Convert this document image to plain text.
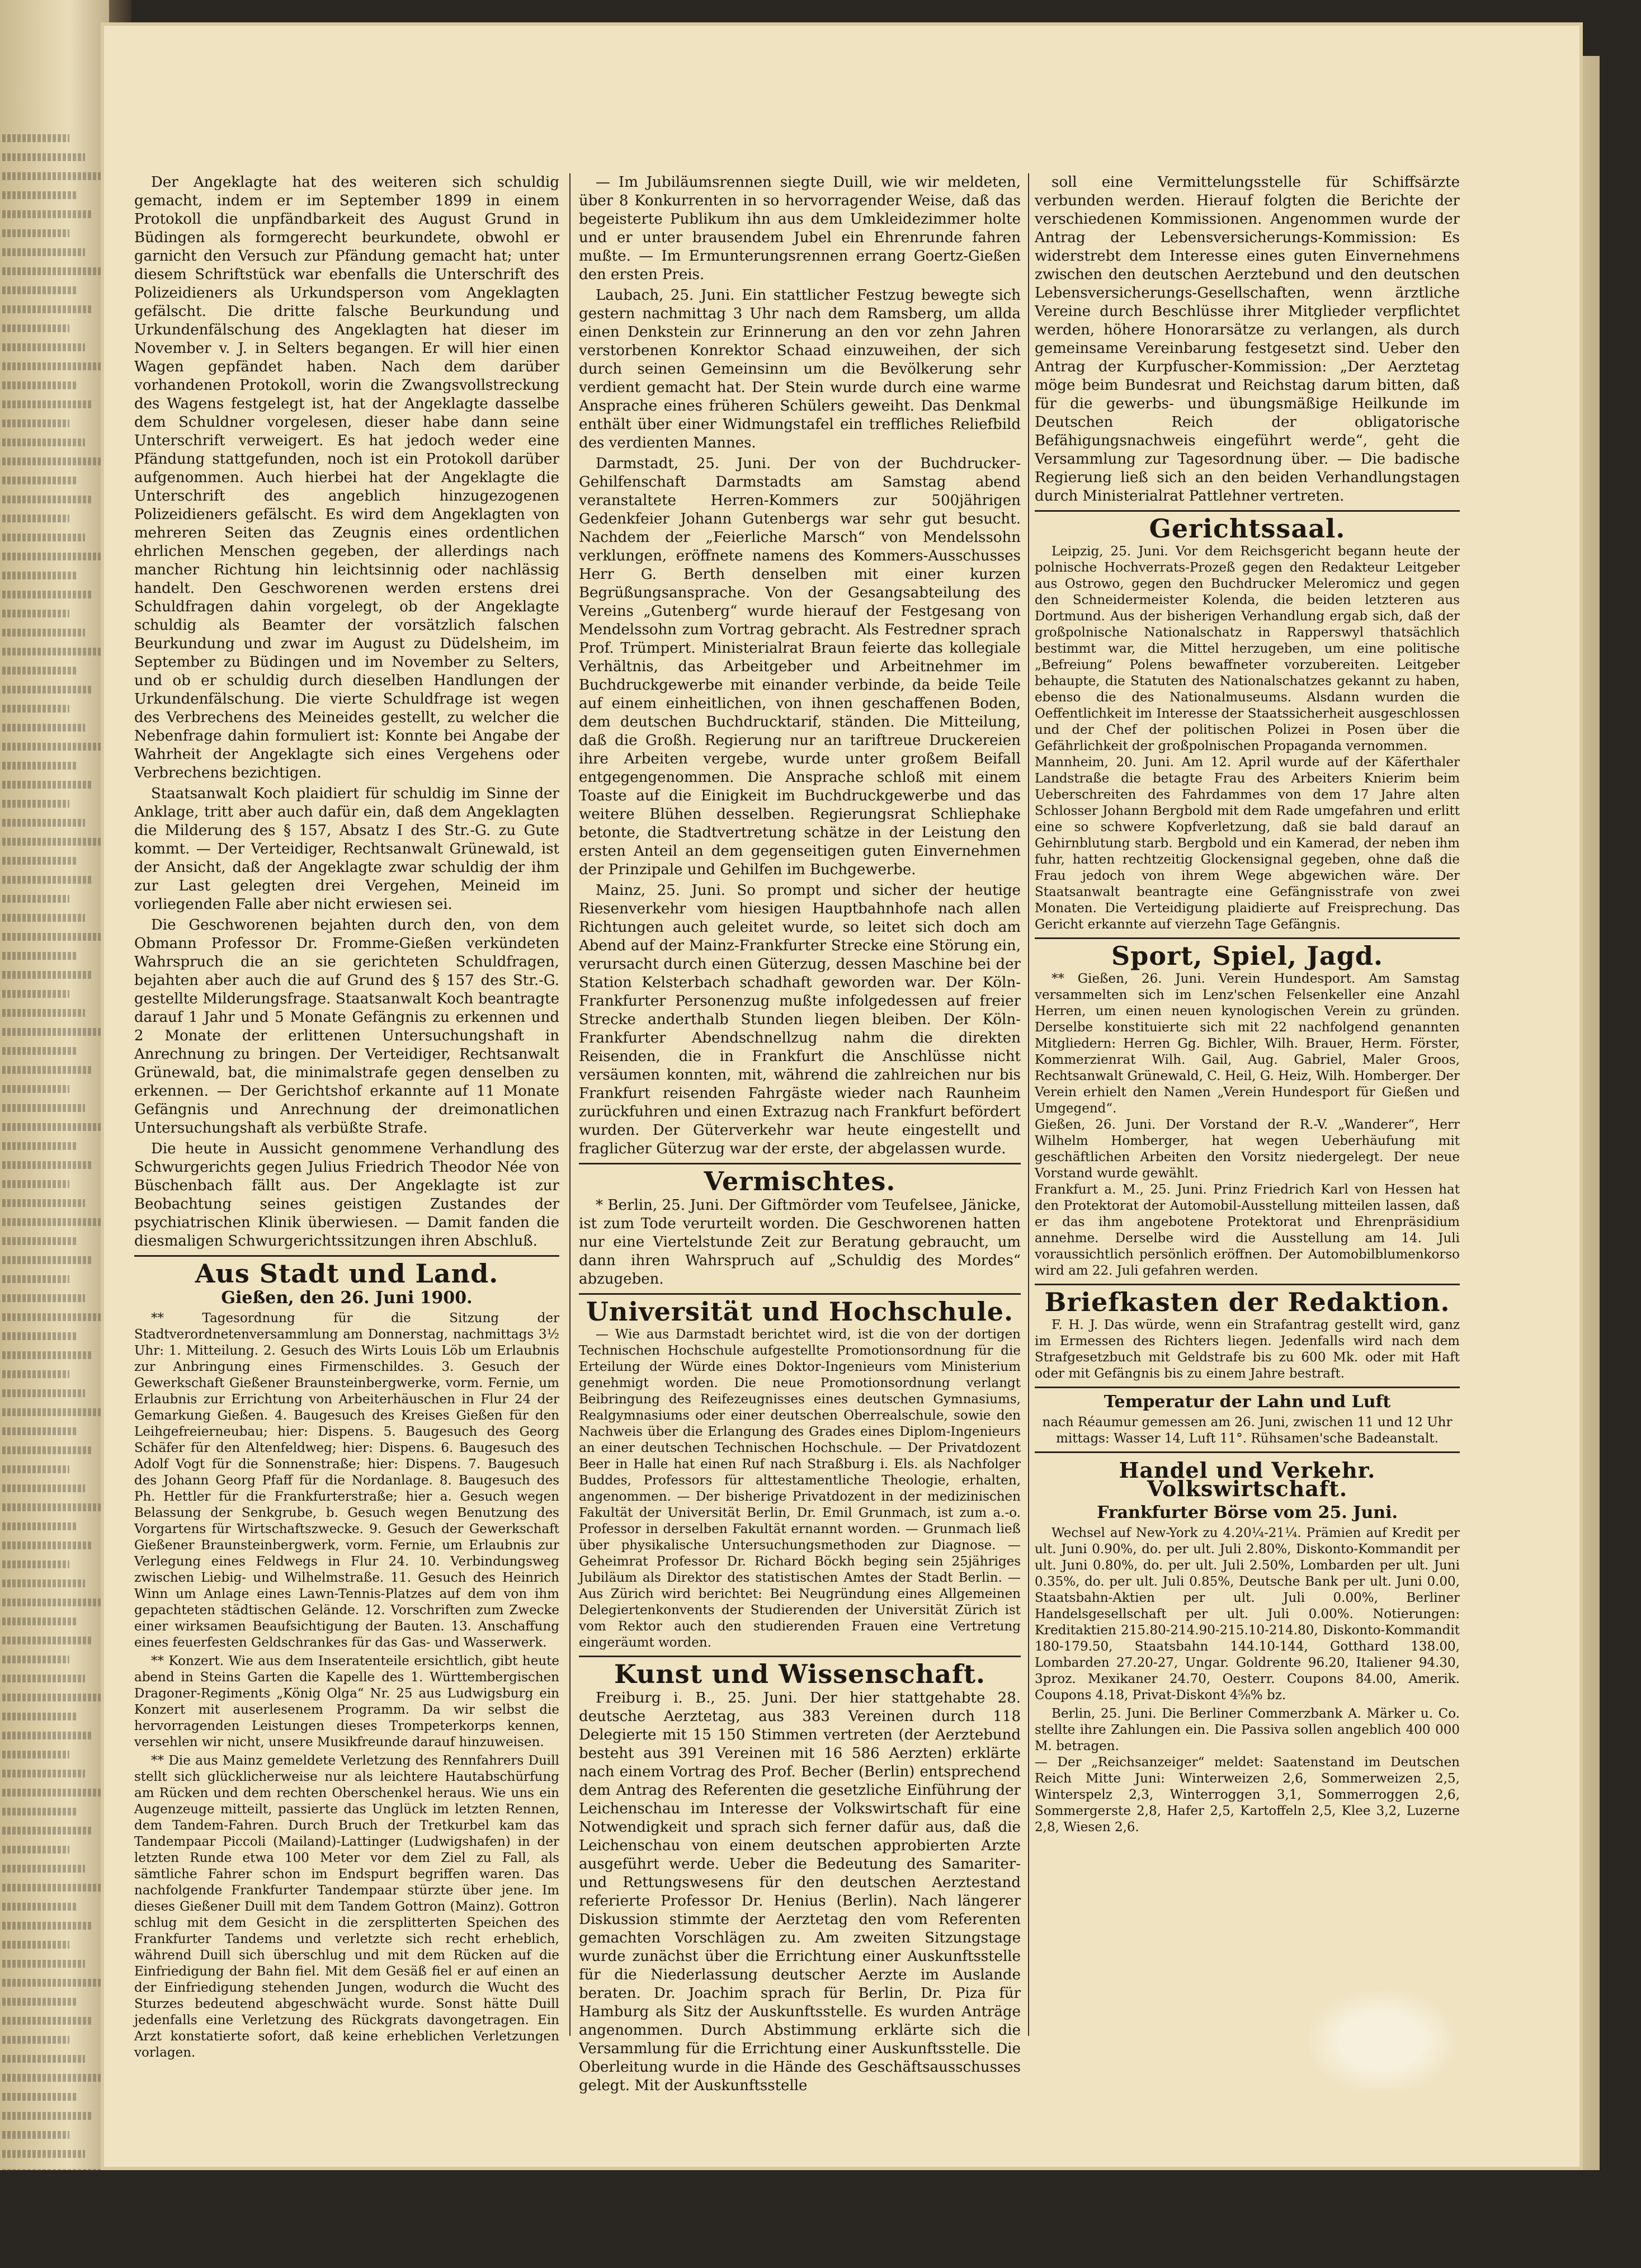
Der Angeklagte hat des weiteren sich schuldig gemacht, indem er im September 1899 in einem Protokoll die unpfändbarkeit des August Grund in Büdingen als formgerecht beurkundete, obwohl er garnicht den Versuch zur Pfändung gemacht hat; unter diesem Schriftstück war ebenfalls die Unterschrift des Polizeidieners als Urkundsperson vom Angeklagten gefälscht. Die dritte falsche Beurkundung und Urkundenfälschung des Angeklagten hat dieser im November v. J. in Selters begangen. Er will hier einen Wagen gepfändet haben. Nach dem darüber vorhandenen Protokoll, worin die Zwangsvollstreckung des Wagens festgelegt ist, hat der Angeklagte dasselbe dem Schuldner vorgelesen, dieser habe dann seine Unterschrift verweigert. Es hat jedoch weder eine Pfändung stattgefunden, noch ist ein Protokoll darüber aufgenommen. Auch hierbei hat der Angeklagte die Unterschrift des angeblich hinzugezogenen Polizeidieners gefälscht. Es wird dem Angeklagten von mehreren Seiten das Zeugnis eines ordentlichen ehrlichen Menschen gegeben, der allerdings nach mancher Richtung hin leichtsinnig oder nachlässig handelt. Den Geschworenen werden erstens drei Schuldfragen dahin vorgelegt, ob der Angeklagte schuldig als Beamter der vorsätzlich falschen Beurkundung und zwar im August zu Düdelsheim, im September zu Büdingen und im November zu Selters, und ob er schuldig durch dieselben Handlungen der Urkundenfälschung. Die vierte Schuldfrage ist wegen des Verbrechens des Meineides gestellt, zu welcher die Nebenfrage dahin formuliert ist: Konnte bei Angabe der Wahrheit der Angeklagte sich eines Vergehens oder Verbrechens bezichtigen.

Staatsanwalt Koch plaidiert für schuldig im Sinne der Anklage, tritt aber auch dafür ein, daß dem Angeklagten die Milderung des § 157, Absatz I des Str.-G. zu Gute kommt. — Der Verteidiger, Rechtsanwalt Grünewald, ist der Ansicht, daß der Angeklagte zwar schuldig der ihm zur Last gelegten drei Vergehen, Meineid im vorliegenden Falle aber nicht erwiesen sei.

Die Geschworenen bejahten durch den, von dem Obmann Professor Dr. Fromme-Gießen verkündeten Wahrspruch die an sie gerichteten Schuldfragen, bejahten aber auch die auf Grund des § 157 des Str.-G. gestellte Milderungsfrage. Staatsanwalt Koch beantragte darauf 1 Jahr und 5 Monate Gefängnis zu erkennen und 2 Monate der erlittenen Untersuchungshaft in Anrechnung zu bringen. Der Verteidiger, Rechtsanwalt Grünewald, bat, die minimalstrafe gegen denselben zu erkennen. — Der Gerichtshof erkannte auf 11 Monate Gefängnis und Anrechnung der dreimonatlichen Untersuchungshaft als verbüßte Strafe.

Die heute in Aussicht genommene Verhandlung des Schwurgerichts gegen Julius Friedrich Theodor Née von Büschenbach fällt aus. Der Angeklagte ist zur Beobachtung seines geistigen Zustandes der psychiatrischen Klinik überwiesen. — Damit fanden die diesmaligen Schwurgerichtssitzungen ihren Abschluß.

Aus Stadt und Land.
Gießen, den 26. Juni 1900.

** Tagesordnung für die Sitzung der Stadtverordnetenversammlung am Donnerstag, nachmittags 3½ Uhr: 1. Mitteilung. 2. Gesuch des Wirts Louis Löb um Erlaubnis zur Anbringung eines Firmenschildes. 3. Gesuch der Gewerkschaft Gießener Braunsteinbergwerke, vorm. Fernie, um Erlaubnis zur Errichtung von Arbeiterhäuschen in Flur 24 der Gemarkung Gießen. 4. Baugesuch des Kreises Gießen für den Leihgefreierneubau; hier: Dispens. 5. Baugesuch des Georg Schäfer für den Altenfeldweg; hier: Dispens. 6. Baugesuch des Adolf Vogt für die Sonnenstraße; hier: Dispens. 7. Baugesuch des Johann Georg Pfaff für die Nordanlage. 8. Baugesuch des Ph. Hettler für die Frankfurterstraße; hier a. Gesuch wegen Belassung der Senkgrube, b. Gesuch wegen Benutzung des Vorgartens für Wirtschaftszwecke. 9. Gesuch der Gewerkschaft Gießener Braunsteinbergwerk, vorm. Fernie, um Erlaubnis zur Verlegung eines Feldwegs in Flur 24. 10. Verbindungsweg zwischen Liebig- und Wilhelmstraße. 11. Gesuch des Heinrich Winn um Anlage eines Lawn-Tennis-Platzes auf dem von ihm gepachteten städtischen Gelände. 12. Vorschriften zum Zwecke einer wirksamen Beaufsichtigung der Bauten. 13. Anschaffung eines feuerfesten Geldschrankes für das Gas- und Wasserwerk.

** Konzert. Wie aus dem Inseratenteile ersichtlich, gibt heute abend in Steins Garten die Kapelle des 1. Württembergischen Dragoner-Regiments „König Olga“ Nr. 25 aus Ludwigsburg ein Konzert mit auserlesenem Programm. Da wir selbst die hervorragenden Leistungen dieses Trompeterkorps kennen, versehlen wir nicht, unsere Musikfreunde darauf hinzuweisen.

** Die aus Mainz gemeldete Verletzung des Rennfahrers Duill stellt sich glücklicherweise nur als leichtere Hautabschürfung am Rücken und dem rechten Oberschenkel heraus. Wie uns ein Augenzeuge mitteilt, passierte das Unglück im letzten Rennen, dem Tandem-Fahren. Durch Bruch der Tretkurbel kam das Tandempaar Piccoli (Mailand)-Lattinger (Ludwigshafen) in der letzten Runde etwa 100 Meter vor dem Ziel zu Fall, als sämtliche Fahrer schon im Endspurt begriffen waren. Das nachfolgende Frankfurter Tandempaar stürzte über jene. Im dieses Gießener Duill mit dem Tandem Gottron (Mainz). Gottron schlug mit dem Gesicht in die zersplitterten Speichen des Frankfurter Tandems und verletzte sich recht erheblich, während Duill sich überschlug und mit dem Rücken auf die Einfriedigung der Bahn fiel. Mit dem Gesäß fiel er auf einen an der Einfriedigung stehenden Jungen, wodurch die Wucht des Sturzes bedeutend abgeschwächt wurde. Sonst hätte Duill jedenfalls eine Verletzung des Rückgrats davongetragen. Ein Arzt konstatierte sofort, daß keine erheblichen Verletzungen vorlagen.

— Im Jubiläumsrennen siegte Duill, wie wir meldeten, über 8 Konkurrenten in so hervorragender Weise, daß das begeisterte Publikum ihn aus dem Umkleidezimmer holte und er unter brausendem Jubel ein Ehrenrunde fahren mußte. — Im Ermunterungsrennen errang Goertz-Gießen den ersten Preis.

Laubach, 25. Juni. Ein stattlicher Festzug bewegte sich gestern nachmittag 3 Uhr nach dem Ramsberg, um allda einen Denkstein zur Erinnerung an den vor zehn Jahren verstorbenen Konrektor Schaad einzuweihen, der sich durch seinen Gemeinsinn um die Bevölkerung sehr verdient gemacht hat. Der Stein wurde durch eine warme Ansprache eines früheren Schülers geweiht. Das Denkmal enthält über einer Widmungstafel ein treffliches Reliefbild des verdienten Mannes.

Darmstadt, 25. Juni. Der von der Buchdrucker-Gehilfenschaft Darmstadts am Samstag abend veranstaltete Herren-Kommers zur 500jährigen Gedenkfeier Johann Gutenbergs war sehr gut besucht. Nachdem der „Feierliche Marsch“ von Mendelssohn verklungen, eröffnete namens des Kommers-Ausschusses Herr G. Berth denselben mit einer kurzen Begrüßungsansprache. Von der Gesangsabteilung des Vereins „Gutenberg“ wurde hierauf der Festgesang von Mendelssohn zum Vortrag gebracht. Als Festredner sprach Prof. Trümpert. Ministerialrat Braun feierte das kollegiale Verhältnis, das Arbeitgeber und Arbeitnehmer im Buchdruckgewerbe mit einander verbinde, da beide Teile auf einem einheitlichen, von ihnen geschaffenen Boden, dem deutschen Buchdrucktarif, ständen. Die Mitteilung, daß die Großh. Regierung nur an tariftreue Druckereien ihre Arbeiten vergebe, wurde unter großem Beifall entgegengenommen. Die Ansprache schloß mit einem Toaste auf die Einigkeit im Buchdruckgewerbe und das weitere Blühen desselben. Regierungsrat Schliephake betonte, die Stadtvertretung schätze in der Leistung den ersten Anteil an dem gegenseitigen guten Einvernehmen der Prinzipale und Gehilfen im Buchgewerbe.

Mainz, 25. Juni. So prompt und sicher der heutige Riesenverkehr vom hiesigen Hauptbahnhofe nach allen Richtungen auch geleitet wurde, so leitet sich doch am Abend auf der Mainz-Frankfurter Strecke eine Störung ein, verursacht durch einen Güterzug, dessen Maschine bei der Station Kelsterbach schadhaft geworden war. Der Köln-Frankfurter Personenzug mußte infolgedessen auf freier Strecke anderthalb Stunden liegen bleiben. Der Köln-Frankfurter Abendschnellzug nahm die direkten Reisenden, die in Frankfurt die Anschlüsse nicht versäumen konnten, mit, während die zahlreichen nur bis Frankfurt reisenden Fahrgäste wieder nach Raunheim zurückfuhren und einen Extrazug nach Frankfurt befördert wurden. Der Güterverkehr war heute eingestellt und fraglicher Güterzug war der erste, der abgelassen wurde.

Vermischtes.

* Berlin, 25. Juni. Der Giftmörder vom Teufelsee, Jänicke, ist zum Tode verurteilt worden. Die Geschworenen hatten nur eine Viertelstunde Zeit zur Beratung gebraucht, um dann ihren Wahrspruch auf „Schuldig des Mordes“ abzugeben.

Universität und Hochschule.

— Wie aus Darmstadt berichtet wird, ist die von der dortigen Technischen Hochschule aufgestellte Promotionsordnung für die Erteilung der Würde eines Doktor-Ingenieurs vom Ministerium genehmigt worden. Die neue Promotionsordnung verlangt Beibringung des Reifezeugnisses eines deutschen Gymnasiums, Realgymnasiums oder einer deutschen Oberrealschule, sowie den Nachweis über die Erlangung des Grades eines Diplom-Ingenieurs an einer deutschen Technischen Hochschule. — Der Privatdozent Beer in Halle hat einen Ruf nach Straßburg i. Els. als Nachfolger Buddes, Professors für alttestamentliche Theologie, erhalten, angenommen. — Der bisherige Privatdozent in der medizinischen Fakultät der Universität Berlin, Dr. Emil Grunmach, ist zum a.-o. Professor in derselben Fakultät ernannt worden. — Grunmach ließ über physikalische Untersuchungsmethoden zur Diagnose. — Geheimrat Professor Dr. Richard Böckh beging sein 25jähriges Jubiläum als Direktor des statistischen Amtes der Stadt Berlin. — Aus Zürich wird berichtet: Bei Neugründung eines Allgemeinen Delegiertenkonvents der Studierenden der Universität Zürich ist vom Rektor auch den studierenden Frauen eine Vertretung eingeräumt worden.

Kunst und Wissenschaft.

Freiburg i. B., 25. Juni. Der hier stattgehabte 28. deutsche Aerztetag, aus 383 Vereinen durch 118 Delegierte mit 15 150 Stimmen vertreten (der Aerztebund besteht aus 391 Vereinen mit 16 586 Aerzten) erklärte nach einem Vortrag des Prof. Becher (Berlin) entsprechend dem Antrag des Referenten die gesetzliche Einführung der Leichenschau im Interesse der Volkswirtschaft für eine Notwendigkeit und sprach sich ferner dafür aus, daß die Leichenschau von einem deutschen approbierten Arzte ausgeführt werde. Ueber die Bedeutung des Samariter- und Rettungswesens für den deutschen Aerztestand referierte Professor Dr. Henius (Berlin). Nach längerer Diskussion stimmte der Aerztetag den vom Referenten gemachten Vorschlägen zu. Am zweiten Sitzungstage wurde zunächst über die Errichtung einer Auskunftsstelle für die Niederlassung deutscher Aerzte im Auslande beraten. Dr. Joachim sprach für Berlin, Dr. Piza für Hamburg als Sitz der Auskunftsstelle. Es wurden Anträge angenommen. Durch Abstimmung erklärte sich die Versammlung für die Errichtung einer Auskunftsstelle. Die Oberleitung wurde in die Hände des Geschäftsausschusses gelegt. Mit der Auskunftsstelle

soll eine Vermittelungsstelle für Schiffsärzte verbunden werden. Hierauf folgten die Berichte der verschiedenen Kommissionen. Angenommen wurde der Antrag der Lebensversicherungs-Kommission: Es widerstrebt dem Interesse eines guten Einvernehmens zwischen den deutschen Aerztebund und den deutschen Lebensversicherungs-Gesellschaften, wenn ärztliche Vereine durch Beschlüsse ihrer Mitglieder verpflichtet werden, höhere Honorarsätze zu verlangen, als durch gemeinsame Vereinbarung festgesetzt sind. Ueber den Antrag der Kurpfuscher-Kommission: „Der Aerztetag möge beim Bundesrat und Reichstag darum bitten, daß für die gewerbs- und übungsmäßige Heilkunde im Deutschen Reich der obligatorische Befähigungsnachweis eingeführt werde“, geht die Versammlung zur Tagesordnung über. — Die badische Regierung ließ sich an den beiden Verhandlungstagen durch Ministerialrat Pattlehner vertreten.

Gerichtssaal.

Leipzig, 25. Juni. Vor dem Reichsgericht begann heute der polnische Hochverrats-Prozeß gegen den Redakteur Leitgeber aus Ostrowo, gegen den Buchdrucker Meleromicz und gegen den Schneidermeister Kolenda, die beiden letzteren aus Dortmund. Aus der bisherigen Verhandlung ergab sich, daß der großpolnische Nationalschatz in Rapperswyl thatsächlich bestimmt war, die Mittel herzugeben, um eine politische „Befreiung“ Polens bewaffneter vorzubereiten. Leitgeber behaupte, die Statuten des Nationalschatzes gekannt zu haben, ebenso die des Nationalmuseums. Alsdann wurden die Oeffentlichkeit im Interesse der Staatssicherheit ausgeschlossen und der Chef der politischen Polizei in Posen über die Gefährlichkeit der großpolnischen Propaganda vernommen.
Mannheim, 20. Juni. Am 12. April wurde auf der Käferthaler Landstraße die betagte Frau des Arbeiters Knierim beim Ueberschreiten des Fahrdammes von dem 17 Jahre alten Schlosser Johann Bergbold mit dem Rade umgefahren und erlitt eine so schwere Kopfverletzung, daß sie bald darauf an Gehirnblutung starb. Bergbold und ein Kamerad, der neben ihm fuhr, hatten rechtzeitig Glockensignal gegeben, ohne daß die Frau jedoch von ihrem Wege abgewichen wäre. Der Staatsanwalt beantragte eine Gefängnisstrafe von zwei Monaten. Die Verteidigung plaidierte auf Freisprechung. Das Gericht erkannte auf vierzehn Tage Gefängnis.

Sport, Spiel, Jagd.

** Gießen, 26. Juni. Verein Hundesport. Am Samstag versammelten sich im Lenz'schen Felsenkeller eine Anzahl Herren, um einen neuen kynologischen Verein zu gründen. Derselbe konstituierte sich mit 22 nachfolgend genannten Mitgliedern: Herren Gg. Bichler, Wilh. Brauer, Herm. Förster, Kommerzienrat Wilh. Gail, Aug. Gabriel, Maler Groos, Rechtsanwalt Grünewald, C. Heil, G. Heiz, Wilh. Homberger. Der Verein erhielt den Namen „Verein Hundesport für Gießen und Umgegend“.
Gießen, 26. Juni. Der Vorstand der R.-V. „Wanderer“, Herr Wilhelm Homberger, hat wegen Ueberhäufung mit geschäftlichen Arbeiten den Vorsitz niedergelegt. Der neue Vorstand wurde gewählt.
Frankfurt a. M., 25. Juni. Prinz Friedrich Karl von Hessen hat den Protektorat der Automobil-Ausstellung mitteilen lassen, daß er das ihm angebotene Protektorat und Ehrenpräsidium annehme. Derselbe wird die Ausstellung am 14. Juli voraussichtlich persönlich eröffnen. Der Automobilblumenkorso wird am 22. Juli gefahren werden.

Briefkasten der Redaktion.

F. H. J. Das würde, wenn ein Strafantrag gestellt wird, ganz im Ermessen des Richters liegen. Jedenfalls wird nach dem Strafgesetzbuch mit Geldstrafe bis zu 600 Mk. oder mit Haft oder mit Gefängnis bis zu einem Jahre bestraft.

Temperatur der Lahn und Luft

nach Réaumur gemessen am 26. Juni, zwischen 11 und 12 Uhr mittags: Wasser 14, Luft 11°. Rühsamen'sche Badeanstalt.

Handel und Verkehr. Volkswirtschaft.
Frankfurter Börse vom 25. Juni.

Wechsel auf New-York zu 4.20¼-21¼. Prämien auf Kredit per ult. Juni 0.90%, do. per ult. Juli 2.80%, Diskonto-Kommandit per ult. Juni 0.80%, do. per ult. Juli 2.50%, Lombarden per ult. Juni 0.35%, do. per ult. Juli 0.85%, Deutsche Bank per ult. Juni 0.00, Staatsbahn-Aktien per ult. Juli 0.00%, Berliner Handelsgesellschaft per ult. Juli 0.00%. Notierungen: Kreditaktien 215.80-214.90-215.10-214.80, Diskonto-Kommandit 180-179.50, Staatsbahn 144.10-144, Gotthard 138.00, Lombarden 27.20-27, Ungar. Goldrente 96.20, Italiener 94.30, 3proz. Mexikaner 24.70, Oesterr. Coupons 84.00, Amerik. Coupons 4.18, Privat-Diskont 4⅝% bz.

Berlin, 25. Juni. Die Berliner Commerzbank A. Märker u. Co. stellte ihre Zahlungen ein. Die Passiva sollen angeblich 400 000 M. betragen.
— Der „Reichsanzeiger“ meldet: Saatenstand im Deutschen Reich Mitte Juni: Winterweizen 2,6, Sommerweizen 2,5, Winterspelz 2,3, Winterroggen 3,1, Sommerroggen 2,6, Sommergerste 2,8, Hafer 2,5, Kartoffeln 2,5, Klee 3,2, Luzerne 2,8, Wiesen 2,6.
